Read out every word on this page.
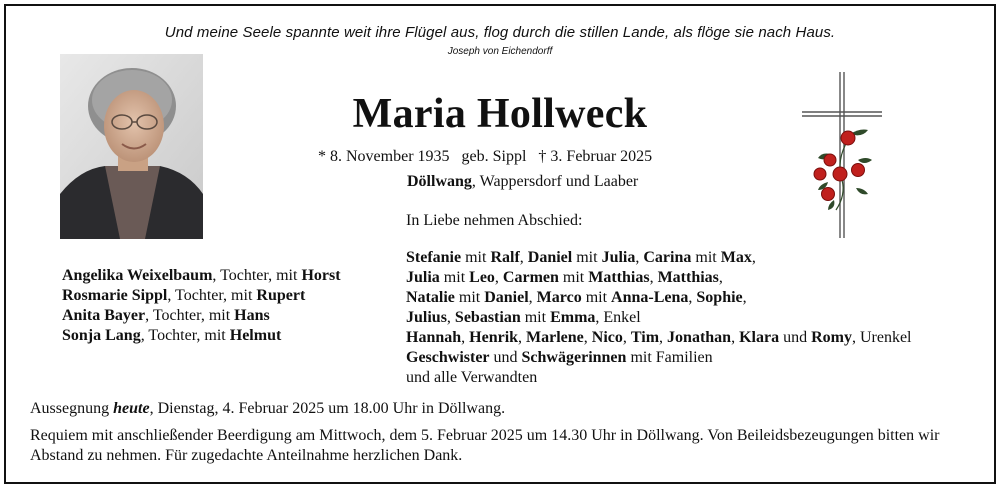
Und meine Seele spannte weit ihre Flügel aus, flog durch die stillen Lande, als flöge sie nach Haus.
Joseph von Eichendorff
Maria Hollweck
* 8. November 1935 geb. Sippl † 3. Februar 2025
Döllwang, Wappersdorf und Laaber
In Liebe nehmen Abschied:
Stefanie mit Ralf, Daniel mit Julia, Carina mit Max,
Julia mit Leo, Carmen mit Matthias, Matthias,
Natalie mit Daniel, Marco mit Anna-Lena, Sophie,
Julius, Sebastian mit Emma, Enkel
Hannah, Henrik, Marlene, Nico, Tim, Jonathan, Klara und Romy, Urenkel
Geschwister und Schwägerinnen mit Familien
und alle Verwandten
Angelika Weixelbaum, Tochter, mit Horst
Rosmarie Sippl, Tochter, mit Rupert
Anita Bayer, Tochter, mit Hans
Sonja Lang, Tochter, mit Helmut
Aussegnung heute, Dienstag, 4. Februar 2025 um 18.00 Uhr in Döllwang.
Requiem mit anschließender Beerdigung am Mittwoch, dem 5. Februar 2025 um 14.30 Uhr in Döllwang. Von Beileidsbezeugungen bitten wir Abstand zu nehmen. Für zugedachte Anteilnahme herzlichen Dank.
